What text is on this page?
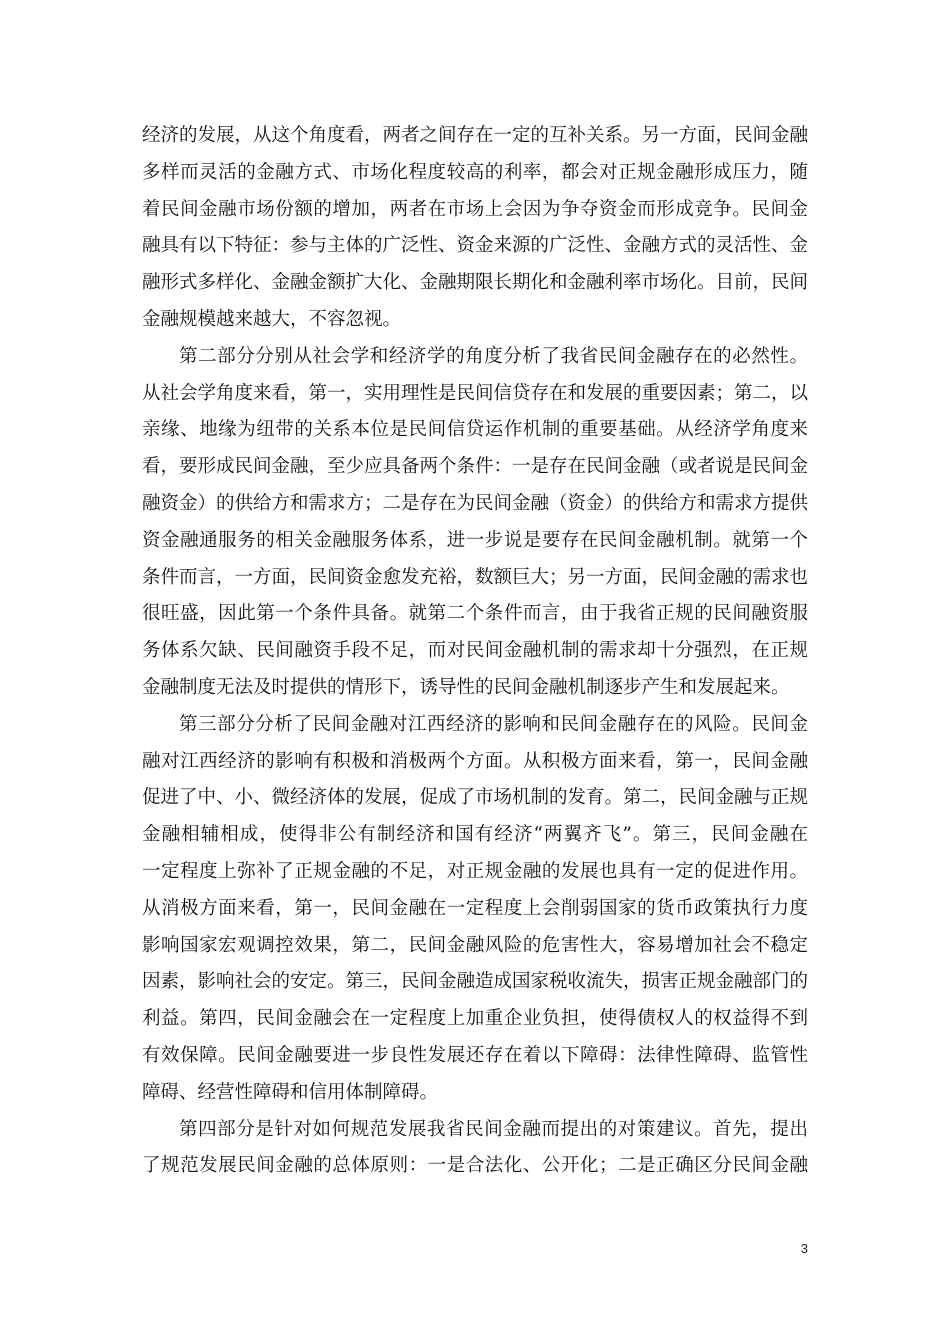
经济的发展，从这个角度看，两者之间存在一定的互补关系。另一方面，民间金融
多样而灵活的金融方式、市场化程度较高的利率，都会对正规金融形成压力，随
着民间金融市场份额的增加，两者在市场上会因为争夺资金而形成竞争。民间金
融具有以下特征：参与主体的广泛性、资金来源的广泛性、金融方式的灵活性、金
融形式多样化、金融金额扩大化、金融期限长期化和金融利率市场化。目前，民间
金融规模越来越大，不容忽视。
第二部分分别从社会学和经济学的角度分析了我省民间金融存在的必然性。
从社会学角度来看，第一，实用理性是民间信贷存在和发展的重要因素；第二，以
亲缘、地缘为纽带的关系本位是民间信贷运作机制的重要基础。从经济学角度来
看，要形成民间金融，至少应具备两个条件：一是存在民间金融（或者说是民间金
融资金）的供给方和需求方；二是存在为民间金融（资金）的供给方和需求方提供
资金融通服务的相关金融服务体系，进一步说是要存在民间金融机制。就第一个
条件而言，一方面，民间资金愈发充裕，数额巨大；另一方面，民间金融的需求也
很旺盛，因此第一个条件具备。就第二个条件而言，由于我省正规的民间融资服
务体系欠缺、民间融资手段不足，而对民间金融机制的需求却十分强烈，在正规
金融制度无法及时提供的情形下，诱导性的民间金融机制逐步产生和发展起来。
第三部分分析了民间金融对江西经济的影响和民间金融存在的风险。民间金
融对江西经济的影响有积极和消极两个方面。从积极方面来看，第一，民间金融
促进了中、小、微经济体的发展，促成了市场机制的发育。第二，民间金融与正规
金融相辅相成，使得非公有制经济和国有经济“两翼齐飞”。第三，民间金融在
一定程度上弥补了正规金融的不足，对正规金融的发展也具有一定的促进作用。
从消极方面来看，第一，民间金融在一定程度上会削弱国家的货币政策执行力度
影响国家宏观调控效果，第二，民间金融风险的危害性大，容易增加社会不稳定
因素，影响社会的安定。第三，民间金融造成国家税收流失，损害正规金融部门的
利益。第四，民间金融会在一定程度上加重企业负担，使得债权人的权益得不到
有效保障。民间金融要进一步良性发展还存在着以下障碍：法律性障碍、监管性
障碍、经营性障碍和信用体制障碍。
第四部分是针对如何规范发展我省民间金融而提出的对策建议。首先，提出
了规范发展民间金融的总体原则：一是合法化、公开化；二是正确区分民间金融
3
